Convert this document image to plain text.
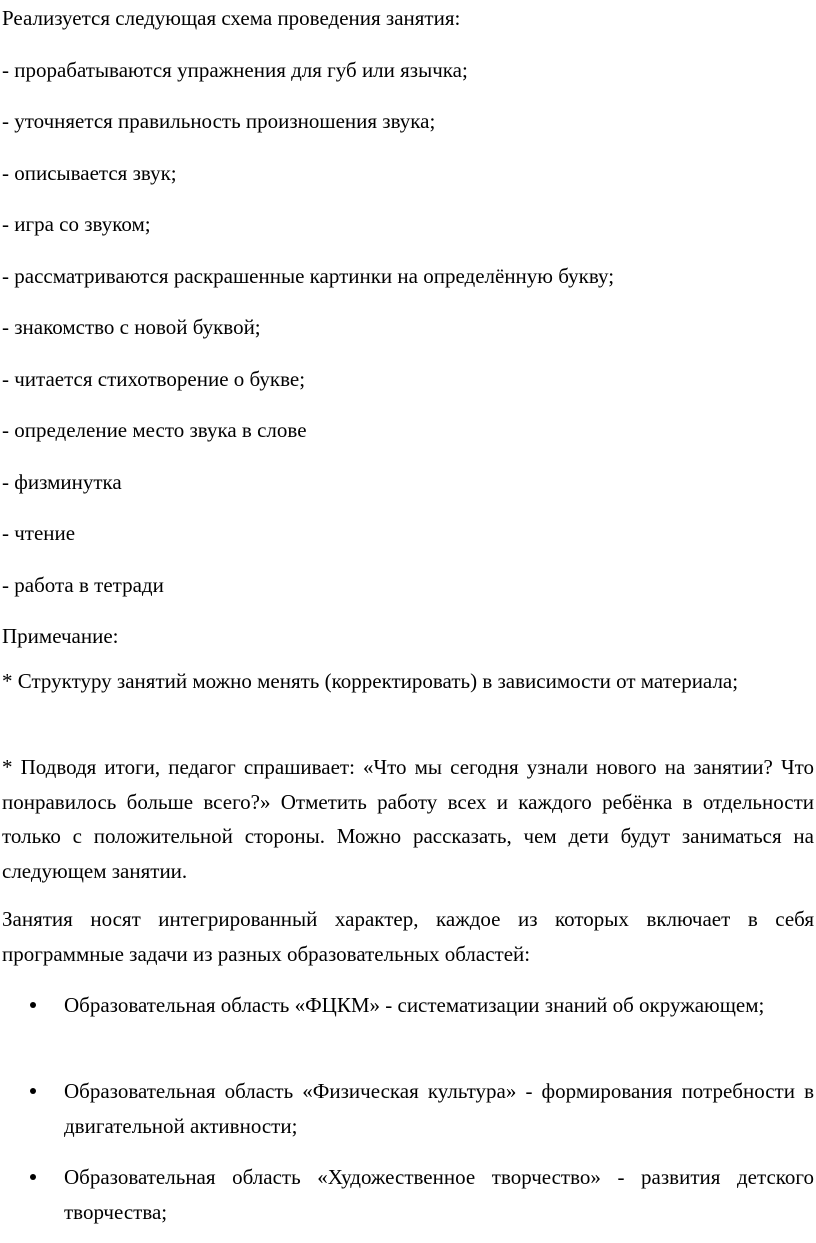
Реализуется следующая схема проведения занятия:
- прорабатываются упражнения для губ или язычка;
- уточняется правильность произношения звука;
- описывается звук;
- игра со звуком;
- рассматриваются раскрашенные картинки на определённую букву;
- знакомство с новой буквой;
- читается стихотворение о букве;
- определение место звука в слове
- физминутка
- чтение
- работа в тетради
Примечание:
* Структуру занятий можно менять (корректировать) в зависимости от материала;
* Подводя итоги, педагог спрашивает: «Что мы сегодня узнали нового на занятии? Что понравилось больше всего?» Отметить работу всех и каждого ребёнка в отдельности только с положительной стороны. Можно рассказать, чем дети будут заниматься на следующем занятии.
Занятия носят интегрированный характер, каждое из которых включает в себя программные задачи из разных образовательных областей:
Образовательная область «ФЦКМ» - систематизации знаний об окружающем;
Образовательная область «Физическая культура» - формирования потребности в двигательной активности;
Образовательная область «Художественное творчество» - развития детского творчества;
